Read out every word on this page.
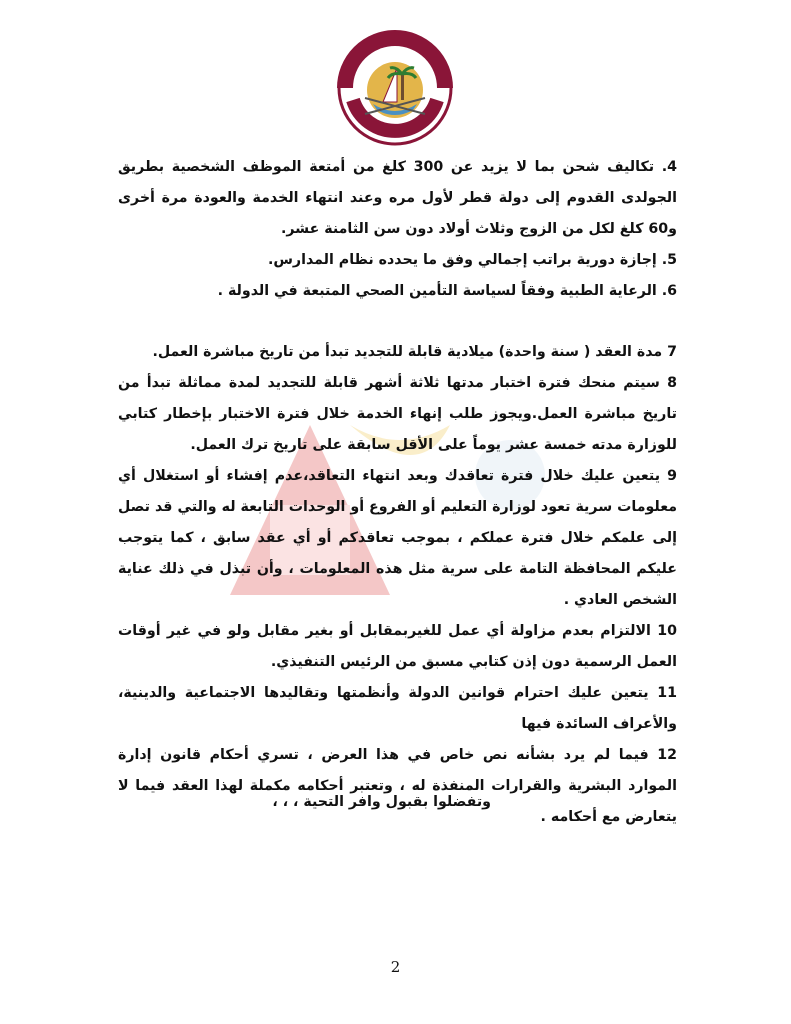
4. تكاليف شحن بما لا يزيد عن 300 كلغ من أمتعة الموظف الشخصية بطريق الجولدى القدوم إلى دولة قطر لأول مره وعند انتهاء الخدمة والعودة مرة أخرى و60 كلغ لكل من الزوج وثلاث أولاد دون سن الثامنة عشر.

5. إجازة دورية براتب إجمالي وفق ما يحدده نظام المدارس.

6. الرعاية الطبية وفقاً لسياسة التأمين الصحي المتبعة في الدولة .

7 مدة العقد ( سنة واحدة) ميلادية قابلة للتجديد تبدأ من تاريخ مباشرة العمل.

8 سيتم منحك فترة اختبار مدتها ثلاثة أشهر قابلة للتجديد لمدة مماثلة تبدأ من تاريخ مباشرة العمل.ويجوز طلب إنهاء الخدمة خلال فترة الاختبار بإخطار كتابي للوزارة مدته خمسة عشر يوماً على الأقل سابقة على تاريخ ترك العمل.

9 يتعين عليك خلال فترة تعاقدك وبعد انتهاء التعاقد،عدم إفشاء أو استغلال أي معلومات سرية تعود لوزارة التعليم أو الفروع أو الوحدات التابعة له والتي قد تصل إلى علمكم خلال فترة عملكم ، بموجب تعاقدكم أو أي عقد سابق ، كما يتوجب عليكم المحافظة التامة على سرية مثل هذه المعلومات ، وأن تبذل في ذلك عناية الشخص العادي .

10 الالتزام بعدم مزاولة أي عمل للغيربمقابل أو بغير مقابل ولو في غير أوقات العمل الرسمية دون إذن كتابي مسبق من الرئيس التنفيذي.

11 يتعين عليك احترام قوانين الدولة وأنظمتها وتقاليدها الاجتماعية والدينية، والأعراف السائدة فيها

12 فيما لم يرد بشأنه نص خاص في هذا العرض ، تسري أحكام قانون إدارة الموارد البشرية والقرارات المنفذة له ، وتعتبر أحكامه مكملة لهذا العقد فيما لا يتعارض مع أحكامه .

وتفضلوا بقبول وافر التحية ، ، ،
2
